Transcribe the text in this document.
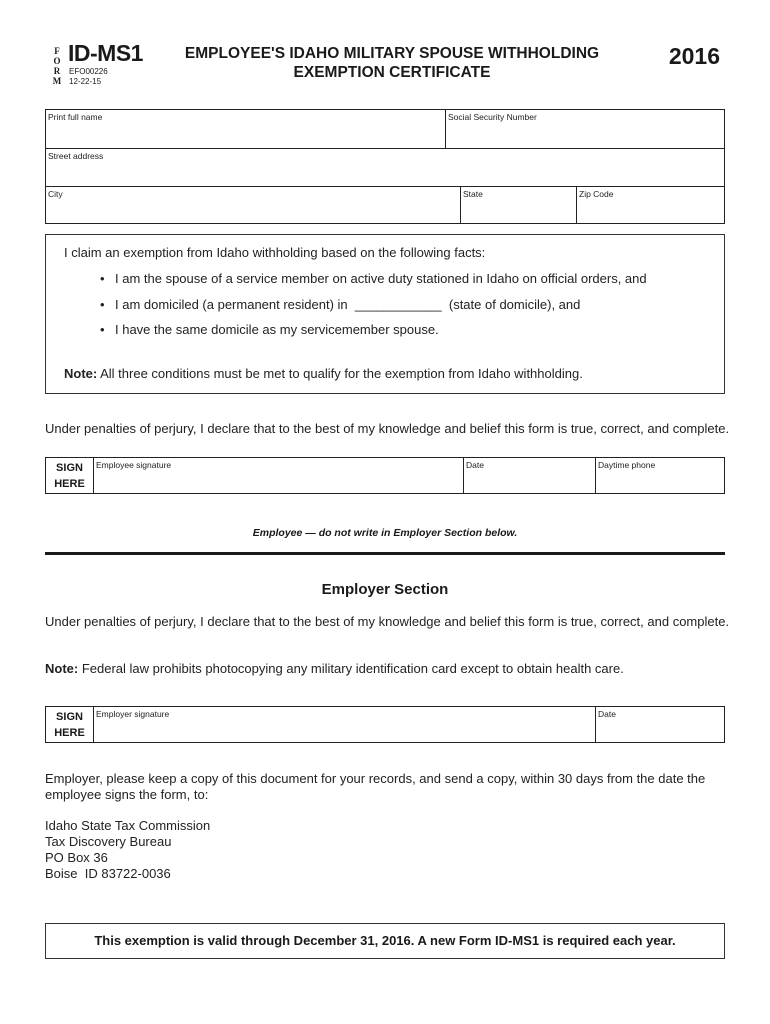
F
O
R
M
ID-MS1
EFO00226
12-22-15
EMPLOYEE'S IDAHO MILITARY SPOUSE WITHHOLDING
EXEMPTION CERTIFICATE
2016
Print full name	Social Security Number
Street address
City	State	Zip Code
I claim an exemption from Idaho withholding based on the following facts:
• I am the spouse of a service member on active duty stationed in Idaho on official orders, and
• I am domiciled (a permanent resident) in  ____________  (state of domicile), and
• I have the same domicile as my servicemember spouse.
Note: All three conditions must be met to qualify for the exemption from Idaho withholding.
Under penalties of perjury, I declare that to the best of my knowledge and belief this form is true, correct, and complete.
SIGN
HERE
Employee signature	Date	Daytime phone
Employee — do not write in Employer Section below.
Employer Section
Under penalties of perjury, I declare that to the best of my knowledge and belief this form is true, correct, and complete.
Note: Federal law prohibits photocopying any military identification card except to obtain health care.
SIGN
HERE
Employer signature	Date
Employer, please keep a copy of this document for your records, and send a copy, within 30 days from the date the employee signs the form, to:
Idaho State Tax Commission
Tax Discovery Bureau
PO Box 36
Boise  ID 83722-0036
This exemption is valid through December 31, 2016. A new Form ID-MS1 is required each year.
